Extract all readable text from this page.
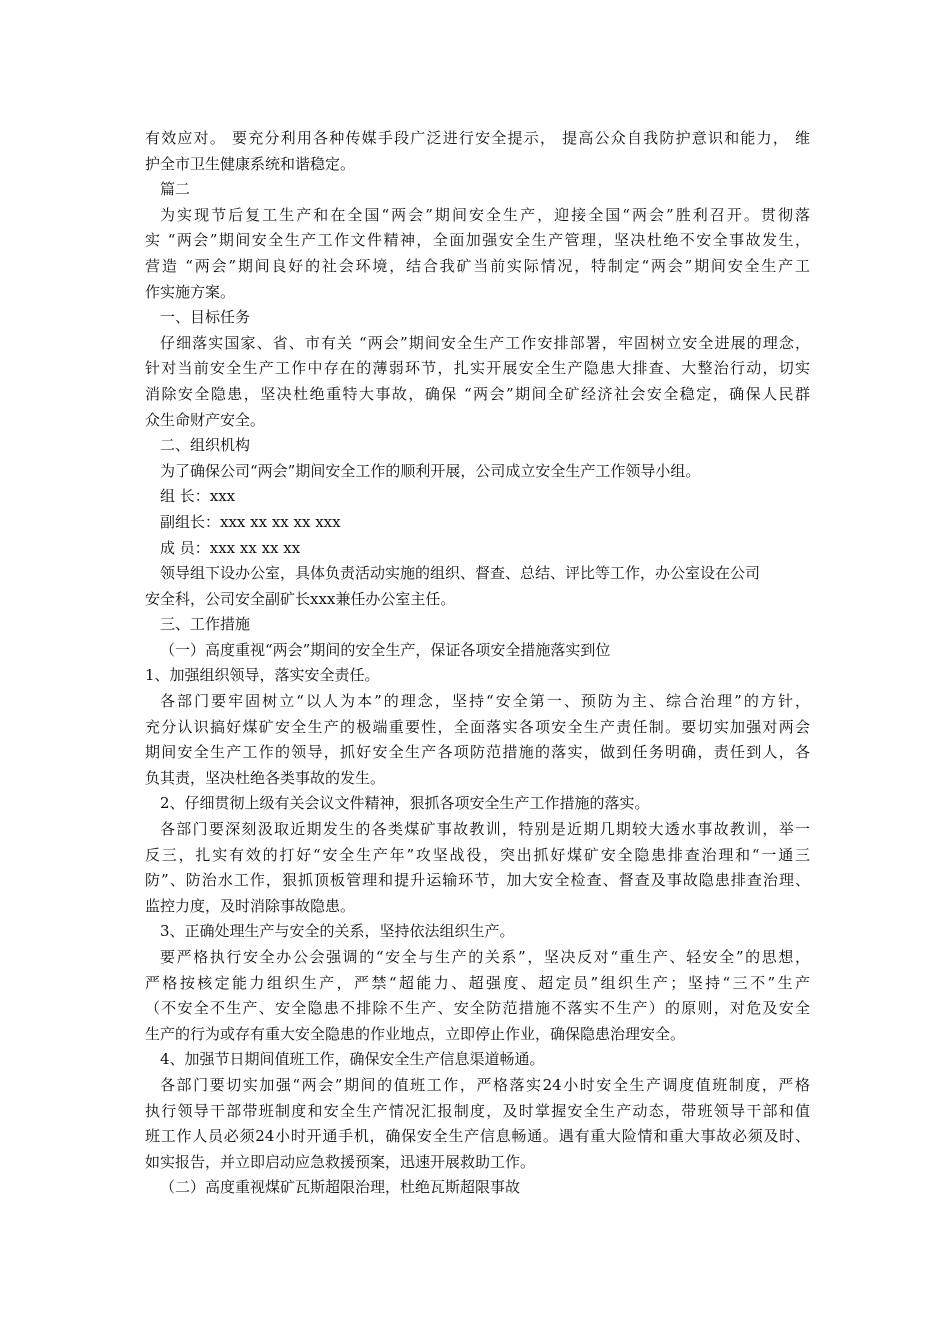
有效应对。 要充分利用各种传媒手段广泛进行安全提示， 提高公众自我防护意识和能力， 维
护全市卫生健康系统和谐稳定。
篇二
为实现节后复工生产和在全国“两会”期间安全生产，迎接全国“两会”胜利召开。贯彻落
实 “两会”期间安全生产工作文件精神，全面加强安全生产管理，坚决杜绝不安全事故发生，
营造 “两会”期间良好的社会环境，结合我矿当前实际情况，特制定“两会”期间安全生产工
作实施方案。
一、目标任务
仔细落实国家、省、市有关 “两会”期间安全生产工作安排部署，牢固树立安全进展的理念，
针对当前安全生产工作中存在的薄弱环节，扎实开展安全生产隐患大排查、大整治行动，切实
消除安全隐患，坚决杜绝重特大事故，确保 “两会”期间全矿经济社会安全稳定，确保人民群
众生命财产安全。
二、组织机构
为了确保公司“两会”期间安全工作的顺利开展，公司成立安全生产工作领导小组。
组 长：xxx
副组长：xxx xx xx xx xxx
成 员：xxx xx xx xx
领导组下设办公室，具体负责活动实施的组织、督查、总结、评比等工作，办公室设在公司
安全科，公司安全副矿长xxx兼任办公室主任。
三、工作措施
（一）高度重视“两会”期间的安全生产，保证各项安全措施落实到位
1、加强组织领导，落实安全责任。
各部门要牢固树立“以人为本”的理念，坚持“安全第一、预防为主、综合治理”的方针，
充分认识搞好煤矿安全生产的极端重要性，全面落实各项安全生产责任制。要切实加强对两会
期间安全生产工作的领导，抓好安全生产各项防范措施的落实，做到任务明确，责任到人，各
负其责，坚决杜绝各类事故的发生。
2、仔细贯彻上级有关会议文件精神，狠抓各项安全生产工作措施的落实。
各部门要深刻汲取近期发生的各类煤矿事故教训，特别是近期几期较大透水事故教训，举一
反三，扎实有效的打好“安全生产年”攻坚战役，突出抓好煤矿安全隐患排查治理和“一通三
防”、防治水工作，狠抓顶板管理和提升运输环节，加大安全检查、督查及事故隐患排查治理、
监控力度，及时消除事故隐患。
3、正确处理生产与安全的关系，坚持依法组织生产。
要严格执行安全办公会强调的“安全与生产的关系”，坚决反对“重生产、轻安全”的思想，
严格按核定能力组织生产，严禁“超能力、超强度、超定员”组织生产；坚持“三不”生产
（不安全不生产、安全隐患不排除不生产、安全防范措施不落实不生产）的原则，对危及安全
生产的行为或存有重大安全隐患的作业地点，立即停止作业，确保隐患治理安全。
4、加强节日期间值班工作，确保安全生产信息渠道畅通。
各部门要切实加强“两会”期间的值班工作，严格落实24小时安全生产调度值班制度，严格
执行领导干部带班制度和安全生产情况汇报制度，及时掌握安全生产动态，带班领导干部和值
班工作人员必须24小时开通手机，确保安全生产信息畅通。遇有重大险情和重大事故必须及时、
如实报告，并立即启动应急救援预案，迅速开展救助工作。
（二）高度重视煤矿瓦斯超限治理，杜绝瓦斯超限事故
